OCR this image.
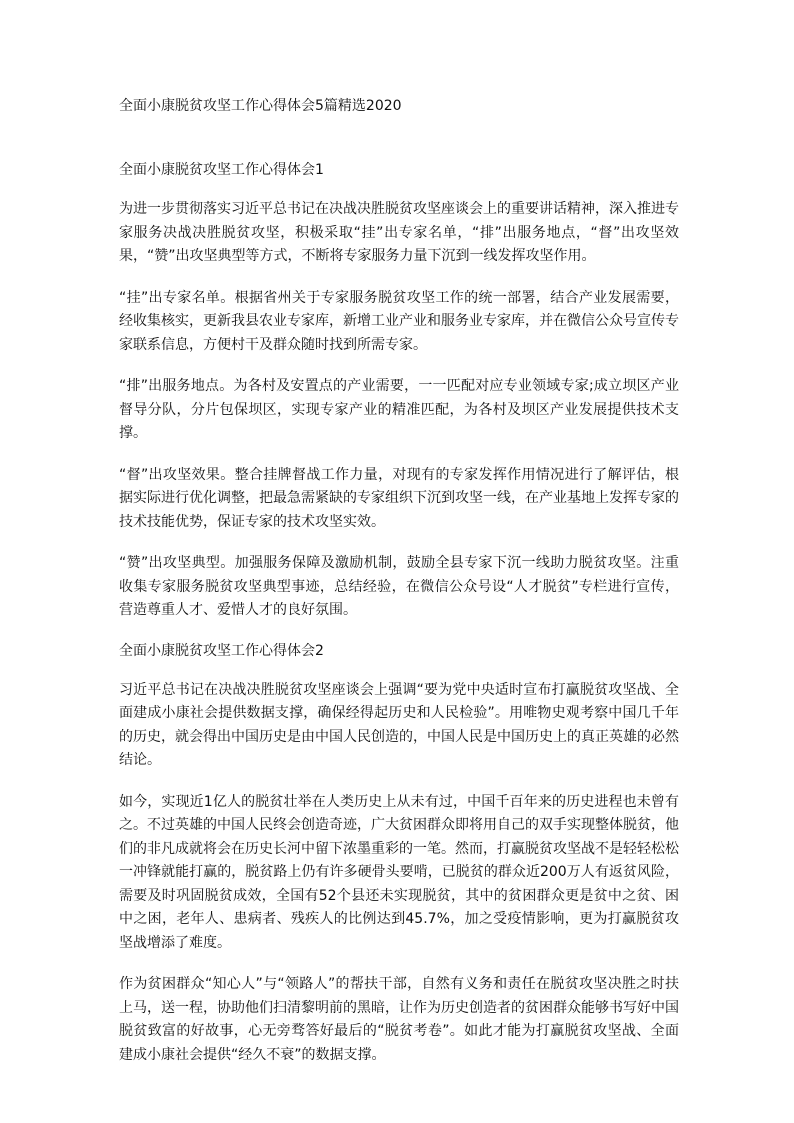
全面小康脱贫攻坚工作心得体会5篇精选2020
全面小康脱贫攻坚工作心得体会1

为进一步贯彻落实习近平总书记在决战决胜脱贫攻坚座谈会上的重要讲话精神，深入推进专家服务决战决胜脱贫攻坚，积极采取“挂”出专家名单，“排”出服务地点，“督”出攻坚效果，“赞”出攻坚典型等方式，不断将专家服务力量下沉到一线发挥攻坚作用。

“挂”出专家名单。根据省州关于专家服务脱贫攻坚工作的统一部署，结合产业发展需要，经收集核实，更新我县农业专家库，新增工业产业和服务业专家库，并在微信公众号宣传专家联系信息，方便村干及群众随时找到所需专家。

“排”出服务地点。为各村及安置点的产业需要，一一匹配对应专业领域专家;成立坝区产业督导分队，分片包保坝区，实现专家产业的精准匹配，为各村及坝区产业发展提供技术支撑。

“督”出攻坚效果。整合挂牌督战工作力量，对现有的专家发挥作用情况进行了解评估，根据实际进行优化调整，把最急需紧缺的专家组织下沉到攻坚一线，在产业基地上发挥专家的技术技能优势，保证专家的技术攻坚实效。

“赞”出攻坚典型。加强服务保障及激励机制，鼓励全县专家下沉一线助力脱贫攻坚。注重收集专家服务脱贫攻坚典型事迹，总结经验，在微信公众号设“人才脱贫”专栏进行宣传，营造尊重人才、爱惜人才的良好氛围。

全面小康脱贫攻坚工作心得体会2

习近平总书记在决战决胜脱贫攻坚座谈会上强调“要为党中央适时宣布打赢脱贫攻坚战、全面建成小康社会提供数据支撑，确保经得起历史和人民检验”。用唯物史观考察中国几千年的历史，就会得出中国历史是由中国人民创造的，中国人民是中国历史上的真正英雄的必然结论。

如今，实现近1亿人的脱贫壮举在人类历史上从未有过，中国千百年来的历史进程也未曾有之。不过英雄的中国人民终会创造奇迹，广大贫困群众即将用自己的双手实现整体脱贫，他们的非凡成就将会在历史长河中留下浓墨重彩的一笔。然而，打赢脱贫攻坚战不是轻轻松松一冲锋就能打赢的，脱贫路上仍有许多硬骨头要啃，已脱贫的群众近200万人有返贫风险，需要及时巩固脱贫成效，全国有52个县还未实现脱贫，其中的贫困群众更是贫中之贫、困中之困，老年人、患病者、残疾人的比例达到45.7%，加之受疫情影响，更为打赢脱贫攻坚战增添了难度。

作为贫困群众“知心人”与“领路人”的帮扶干部，自然有义务和责任在脱贫攻坚决胜之时扶上马，送一程，协助他们扫清黎明前的黑暗，让作为历史创造者的贫困群众能够书写好中国脱贫致富的好故事，心无旁骛答好最后的“脱贫考卷”。如此才能为打赢脱贫攻坚战、全面建成小康社会提供“经久不衰”的数据支撑。
